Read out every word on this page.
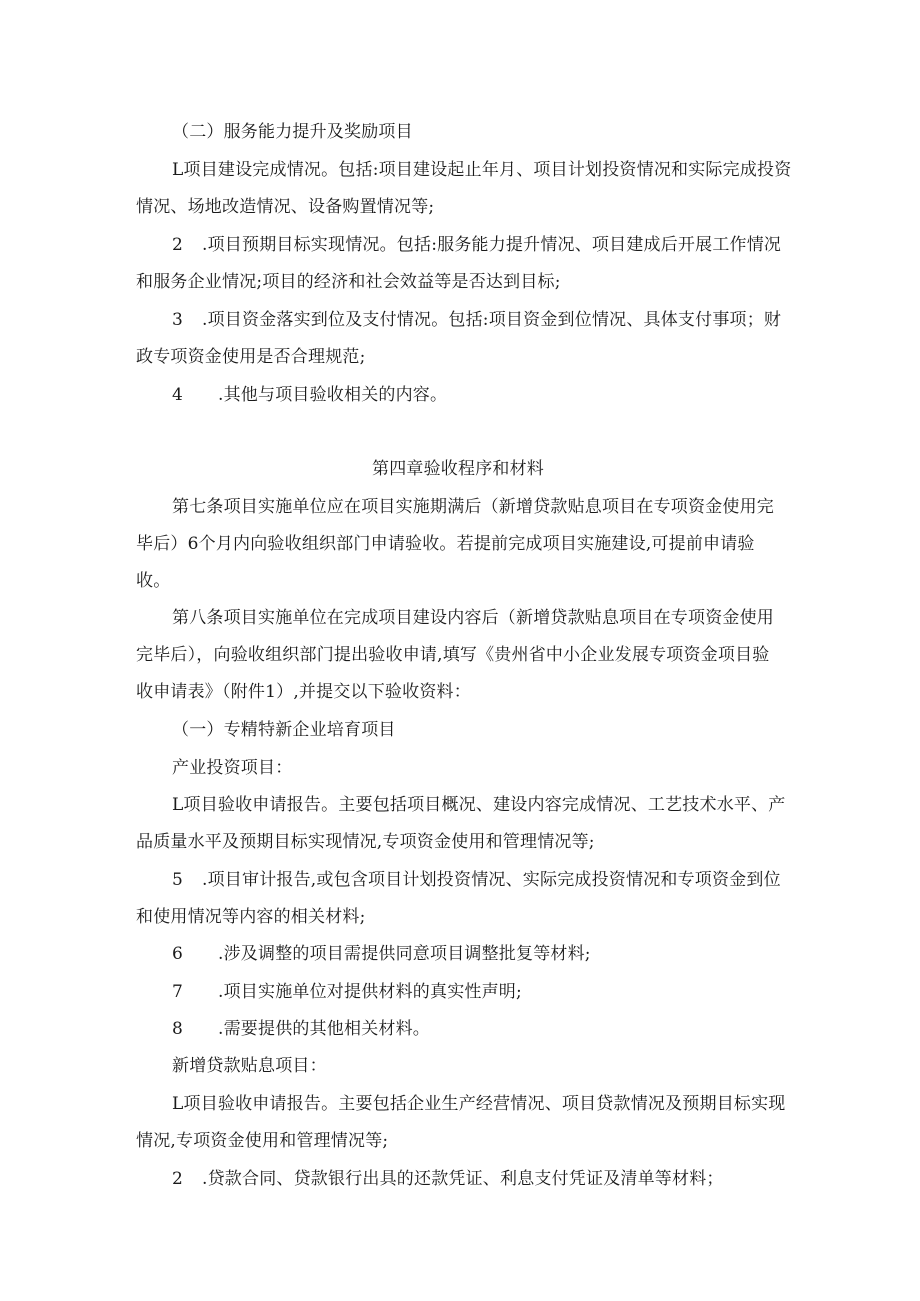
（二）服务能力提升及奖励项目
L项目建设完成情况。包括:项目建设起止年月、项目计划投资情况和实际完成投资
情况、场地改造情况、设备购置情况等;
2 .项目预期目标实现情况。包括:服务能力提升情况、项目建成后开展工作情况
和服务企业情况;项目的经济和社会效益等是否达到目标;
3 .项目资金落实到位及支付情况。包括:项目资金到位情况、具体支付事项；财
政专项资金使用是否合理规范;
4 .其他与项目验收相关的内容。
第四章验收程序和材料
第七条项目实施单位应在项目实施期满后（新增贷款贴息项目在专项资金使用完
毕后）6个月内向验收组织部门申请验收。若提前完成项目实施建设,可提前申请验
收。
第八条项目实施单位在完成项目建设内容后（新增贷款贴息项目在专项资金使用
完毕后），向验收组织部门提出验收申请,填写《贵州省中小企业发展专项资金项目验
收申请表》（附件1）,并提交以下验收资料：
（一）专精特新企业培育项目
产业投资项目：
L项目验收申请报告。主要包括项目概况、建设内容完成情况、工艺技术水平、产
品质量水平及预期目标实现情况,专项资金使用和管理情况等;
5 .项目审计报告,或包含项目计划投资情况、实际完成投资情况和专项资金到位
和使用情况等内容的相关材料;
6 .涉及调整的项目需提供同意项目调整批复等材料;
7 .项目实施单位对提供材料的真实性声明;
8 .需要提供的其他相关材料。
新增贷款贴息项目：
L项目验收申请报告。主要包括企业生产经营情况、项目贷款情况及预期目标实现
情况,专项资金使用和管理情况等;
2 .贷款合同、贷款银行出具的还款凭证、利息支付凭证及清单等材料；
